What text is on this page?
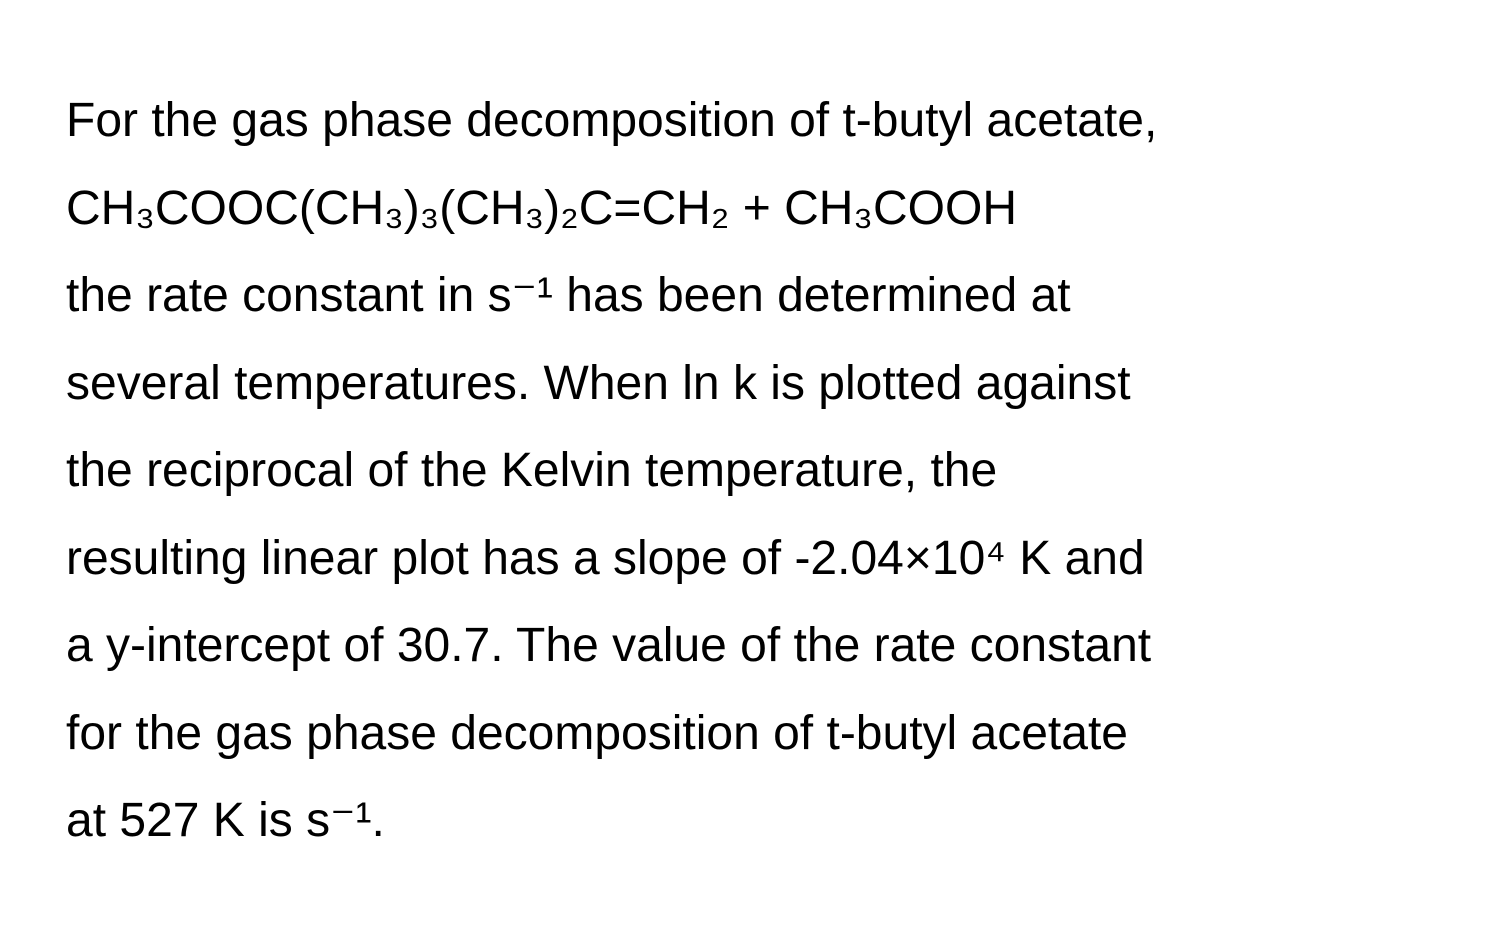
For the gas phase decomposition of t-butyl acetate,
CH₃COOC(CH₃)₃(CH₃)₂C=CH₂ + CH₃COOH
the rate constant in s⁻¹ has been determined at
several temperatures. When ln k is plotted against
the reciprocal of the Kelvin temperature, the
resulting linear plot has a slope of -2.04×10⁴ K and
a y-intercept of 30.7. The value of the rate constant
for the gas phase decomposition of t-butyl acetate
at 527 K is s⁻¹.
